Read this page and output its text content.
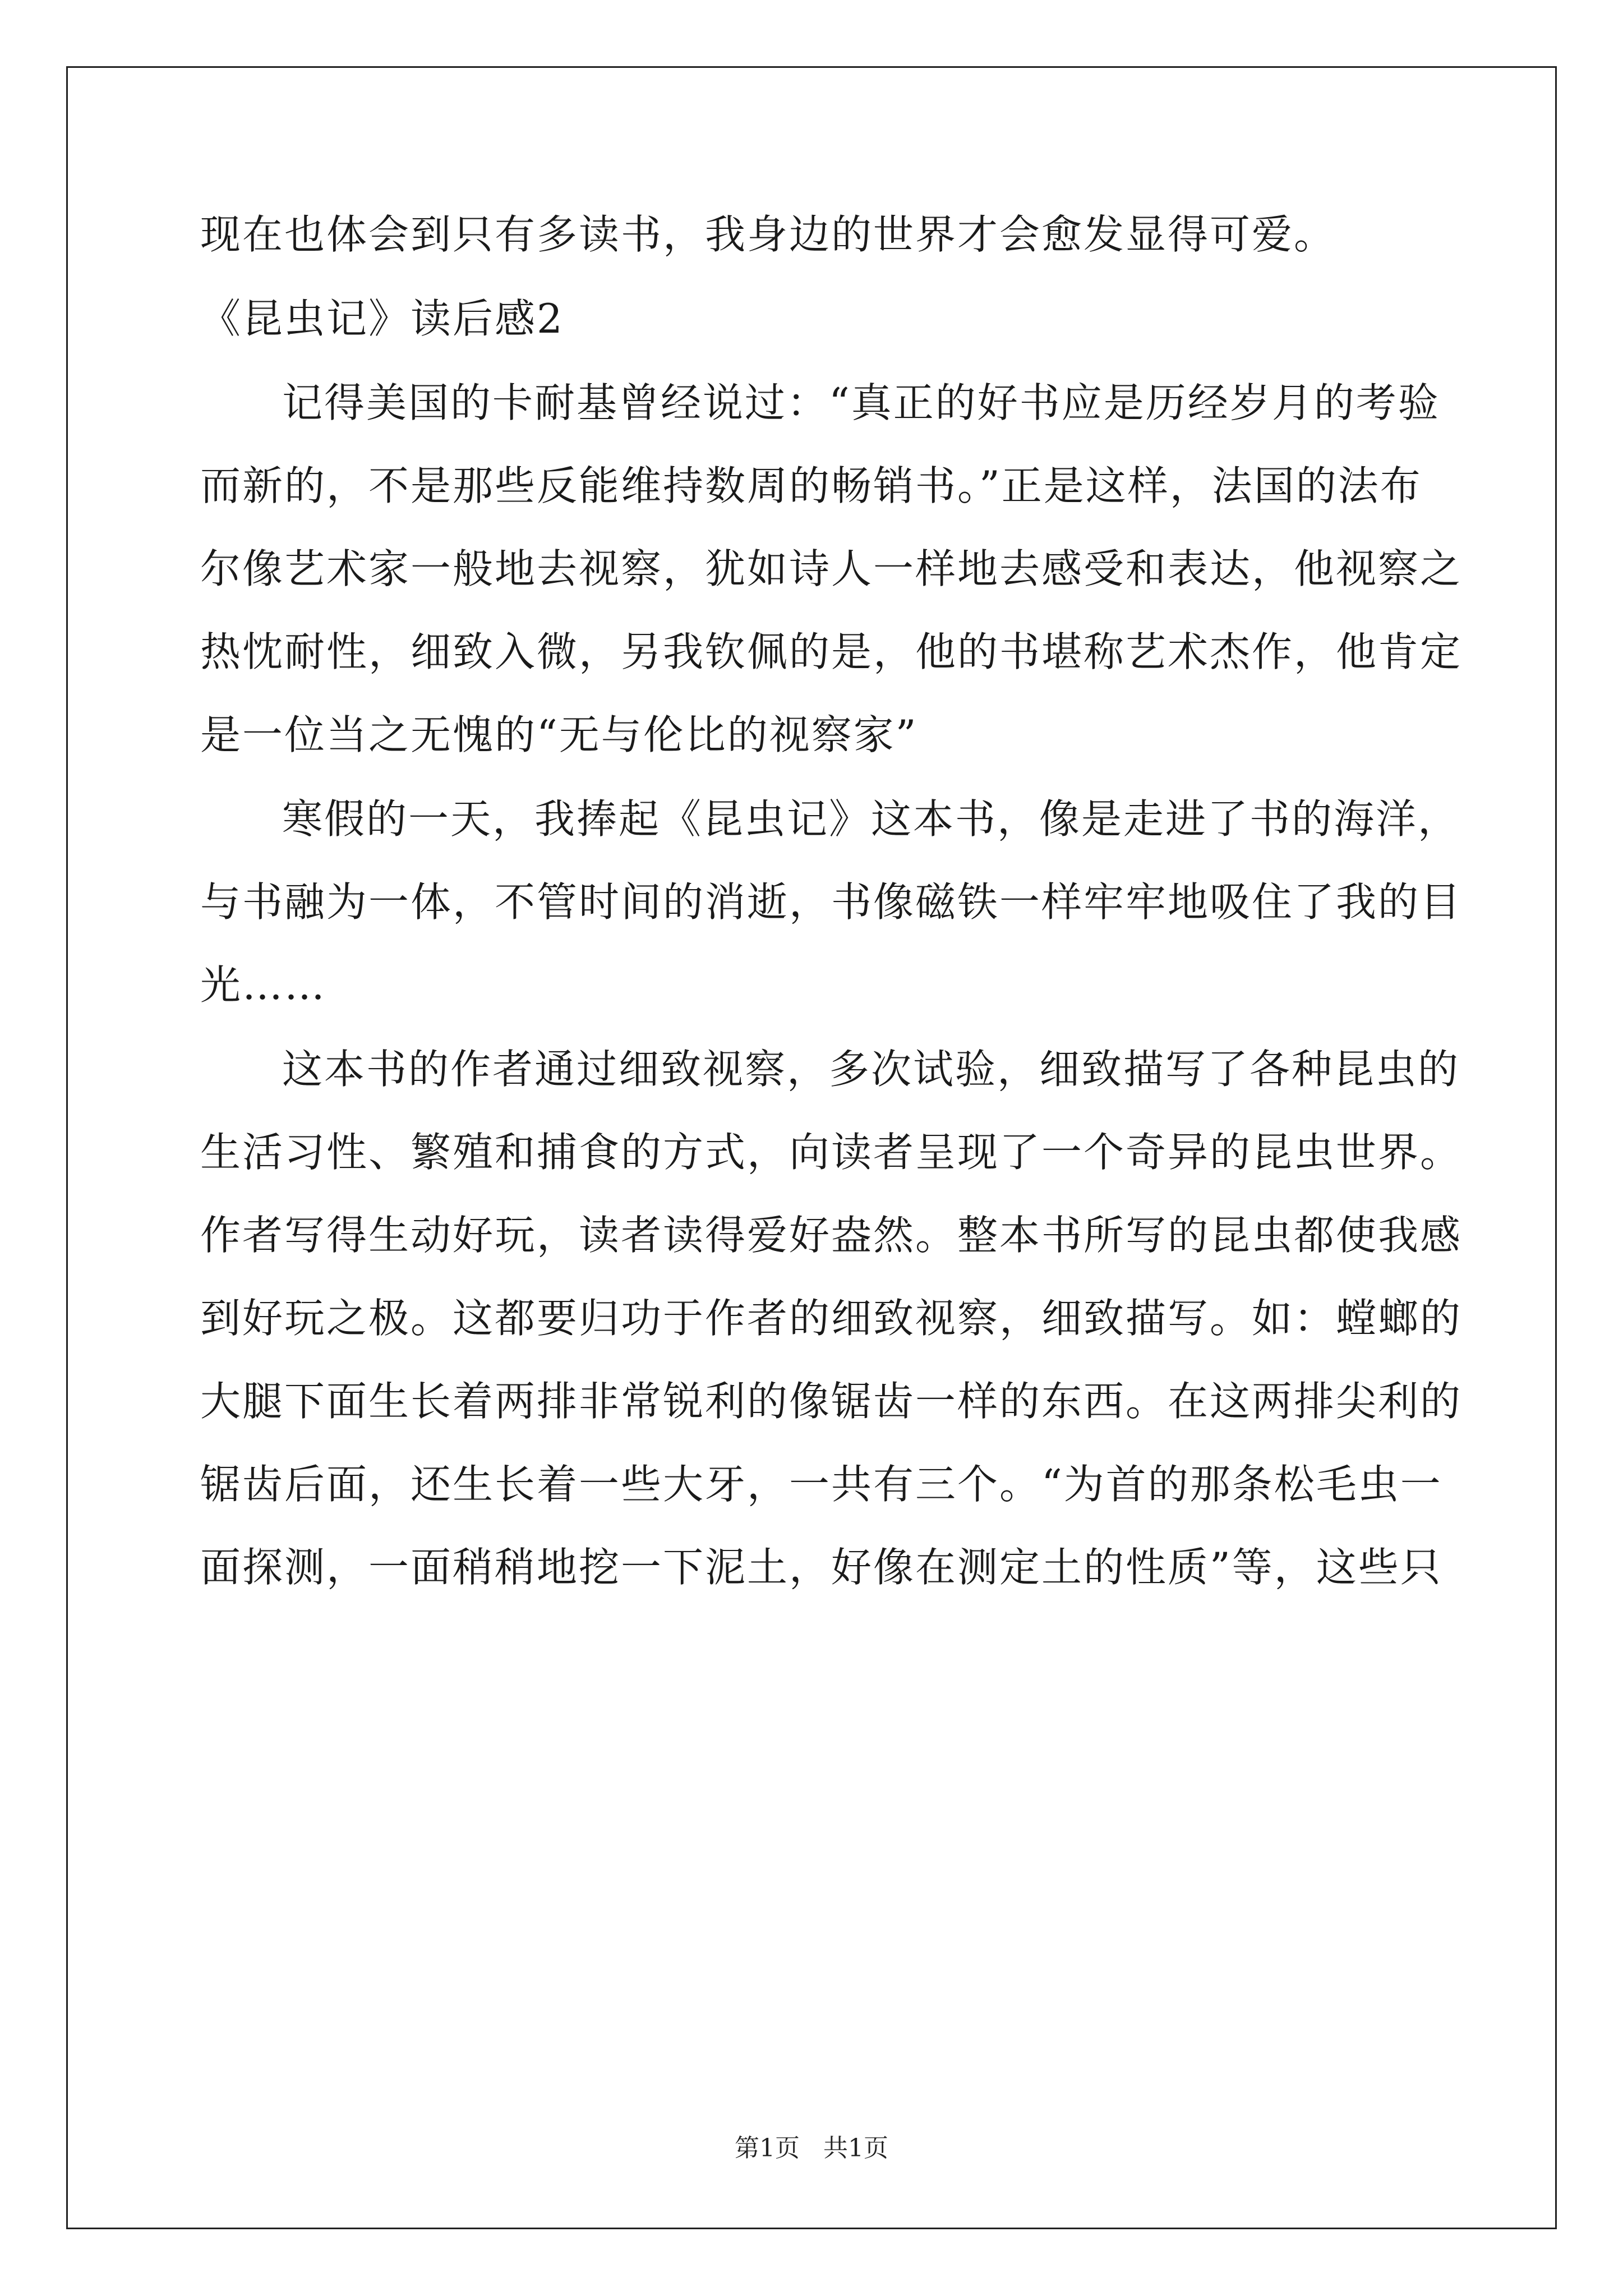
现在也体会到只有多读书，我身边的世界才会愈发显得可爱。
《昆虫记》读后感2
记得美国的卡耐基曾经说过：“真正的好书应是历经岁月的考验
而新的，不是那些反能维持数周的畅销书。”正是这样，法国的法布
尔像艺术家一般地去视察，犹如诗人一样地去感受和表达，他视察之
热忱耐性，细致入微，另我钦佩的是，他的书堪称艺术杰作，他肯定
是一位当之无愧的“无与伦比的视察家”
寒假的一天，我捧起《昆虫记》这本书，像是走进了书的海洋，
与书融为一体，不管时间的消逝，书像磁铁一样牢牢地吸住了我的目
光……
这本书的作者通过细致视察，多次试验，细致描写了各种昆虫的
生活习性、繁殖和捕食的方式，向读者呈现了一个奇异的昆虫世界。
作者写得生动好玩，读者读得爱好盎然。整本书所写的昆虫都使我感
到好玩之极。这都要归功于作者的细致视察，细致描写。如：螳螂的
大腿下面生长着两排非常锐利的像锯齿一样的东西。在这两排尖利的
锯齿后面，还生长着一些大牙，一共有三个。“为首的那条松毛虫一
面探测，一面稍稍地挖一下泥土，好像在测定土的性质”等，这些只
第1页   共1页
